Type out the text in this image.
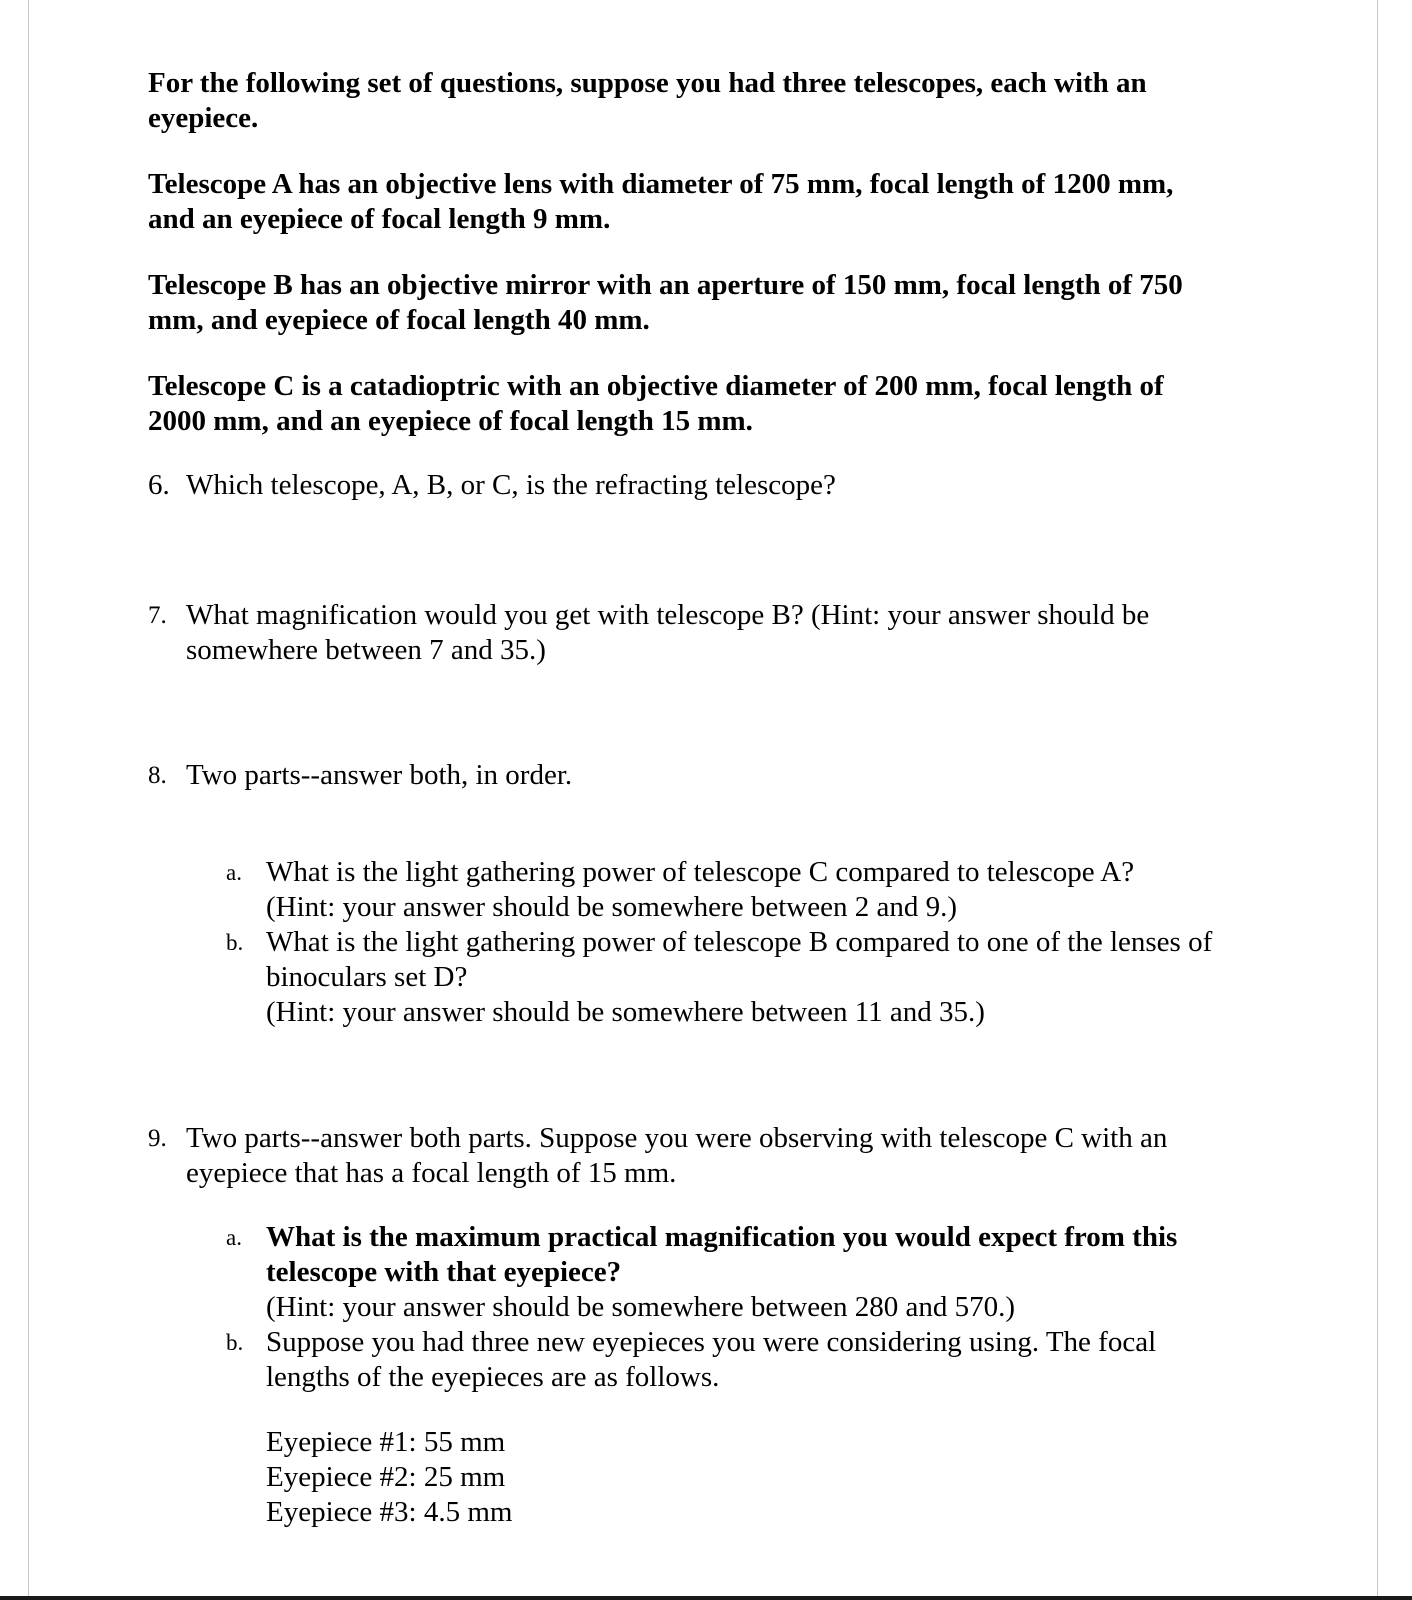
For the following set of questions, suppose you had three telescopes, each with an
eyepiece.
Telescope A has an objective lens with diameter of 75 mm, focal length of 1200 mm,
and an eyepiece of focal length 9 mm.
Telescope B has an objective mirror with an aperture of 150 mm, focal length of 750
mm, and eyepiece of focal length 40 mm.
Telescope C is a catadioptric with an objective diameter of 200 mm, focal length of
2000 mm, and an eyepiece of focal length 15 mm.
6. Which telescope, A, B, or C, is the refracting telescope?
7. What magnification would you get with telescope B? (Hint: your answer should be
somewhere between 7 and 35.)
8. Two parts--answer both, in order.
a. What is the light gathering power of telescope C compared to telescope A?
(Hint: your answer should be somewhere between 2 and 9.)
b. What is the light gathering power of telescope B compared to one of the lenses of
binoculars set D?
(Hint: your answer should be somewhere between 11 and 35.)
9. Two parts--answer both parts. Suppose you were observing with telescope C with an
eyepiece that has a focal length of 15 mm.
a. What is the maximum practical magnification you would expect from this
telescope with that eyepiece?
(Hint: your answer should be somewhere between 280 and 570.)
b. Suppose you had three new eyepieces you were considering using. The focal
lengths of the eyepieces are as follows.
Eyepiece #1: 55 mm
Eyepiece #2: 25 mm
Eyepiece #3: 4.5 mm
